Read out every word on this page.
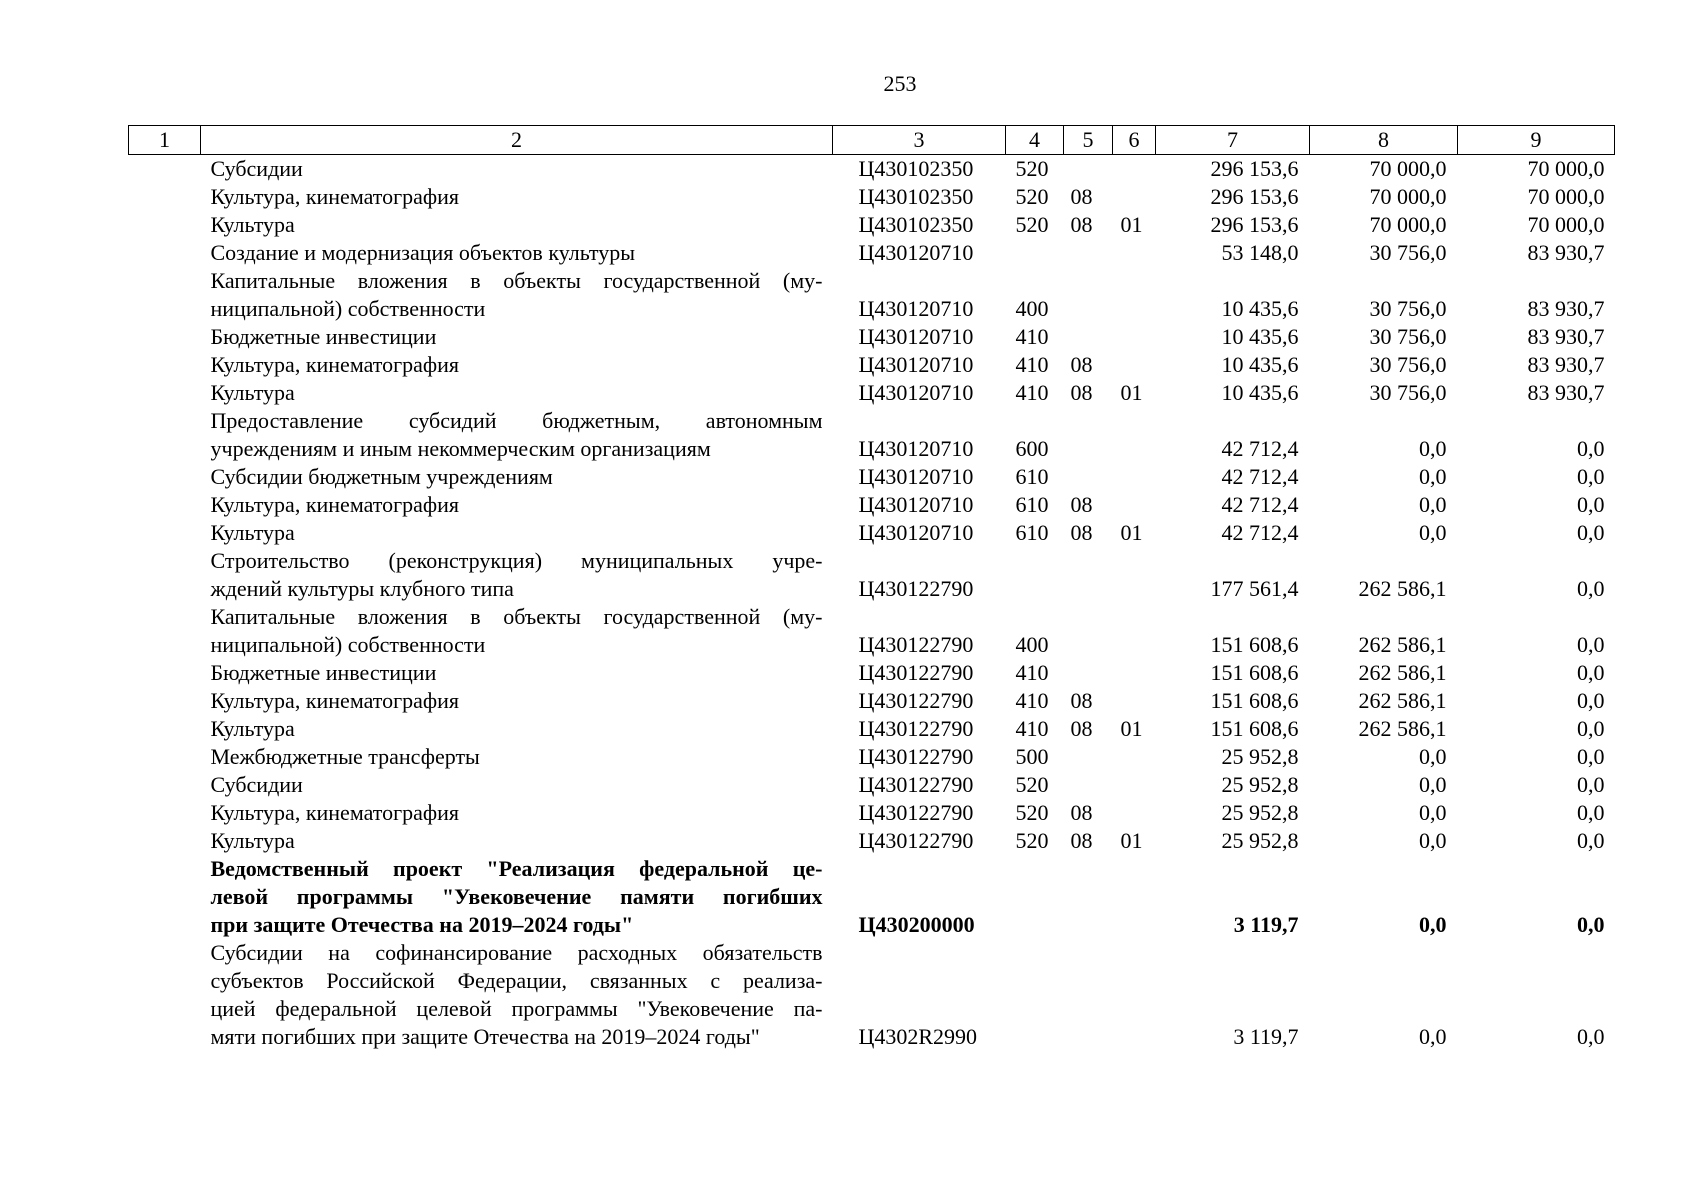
253
1	2	3	4	5	6	7	8	9
	Субсидии	Ц430102350	520			296 153,6	70 000,0	70 000,0
	Культура, кинематография	Ц430102350	520	08		296 153,6	70 000,0	70 000,0
	Культура	Ц430102350	520	08	01	296 153,6	70 000,0	70 000,0
	Создание и модернизация объектов культуры	Ц430120710				53 148,0	30 756,0	83 930,7

	Капитальные вложения в объекты государственной (му-
ниципальной) собственности	Ц430120710	400			10 435,6	30 756,0	83 930,7
	Бюджетные инвестиции	Ц430120710	410			10 435,6	30 756,0	83 930,7
	Культура, кинематография	Ц430120710	410	08		10 435,6	30 756,0	83 930,7
	Культура	Ц430120710	410	08	01	10 435,6	30 756,0	83 930,7

	Предоставление субсидий бюджетным, автономным
учреждениям и иным некоммерческим организациям	Ц430120710	600			42 712,4	0,0	0,0
	Субсидии бюджетным учреждениям	Ц430120710	610			42 712,4	0,0	0,0
	Культура, кинематография	Ц430120710	610	08		42 712,4	0,0	0,0
	Культура	Ц430120710	610	08	01	42 712,4	0,0	0,0

	Строительство (реконструкция) муниципальных учре-
ждений культуры клубного типа	Ц430122790				177 561,4	262 586,1	0,0

	Капитальные вложения в объекты государственной (му-
ниципальной) собственности	Ц430122790	400			151 608,6	262 586,1	0,0
	Бюджетные инвестиции	Ц430122790	410			151 608,6	262 586,1	0,0
	Культура, кинематография	Ц430122790	410	08		151 608,6	262 586,1	0,0
	Культура	Ц430122790	410	08	01	151 608,6	262 586,1	0,0
	Межбюджетные трансферты	Ц430122790	500			25 952,8	0,0	0,0
	Субсидии	Ц430122790	520			25 952,8	0,0	0,0
	Культура, кинематография	Ц430122790	520	08		25 952,8	0,0	0,0
	Культура	Ц430122790	520	08	01	25 952,8	0,0	0,0

	Ведомственный проект "Реализация федеральной це-
левой программы "Увековечение памяти погибших
при защите Отечества на 2019–2024 годы"	Ц430200000				3 119,7	0,0	0,0

	Субсидии на софинансирование расходных обязательств
субъектов Российской Федерации, связанных с реализа-
цией федеральной целевой программы "Увековечение па-
мяти погибших при защите Отечества на 2019–2024 годы"	Ц4302R2990				3 119,7	0,0	0,0
